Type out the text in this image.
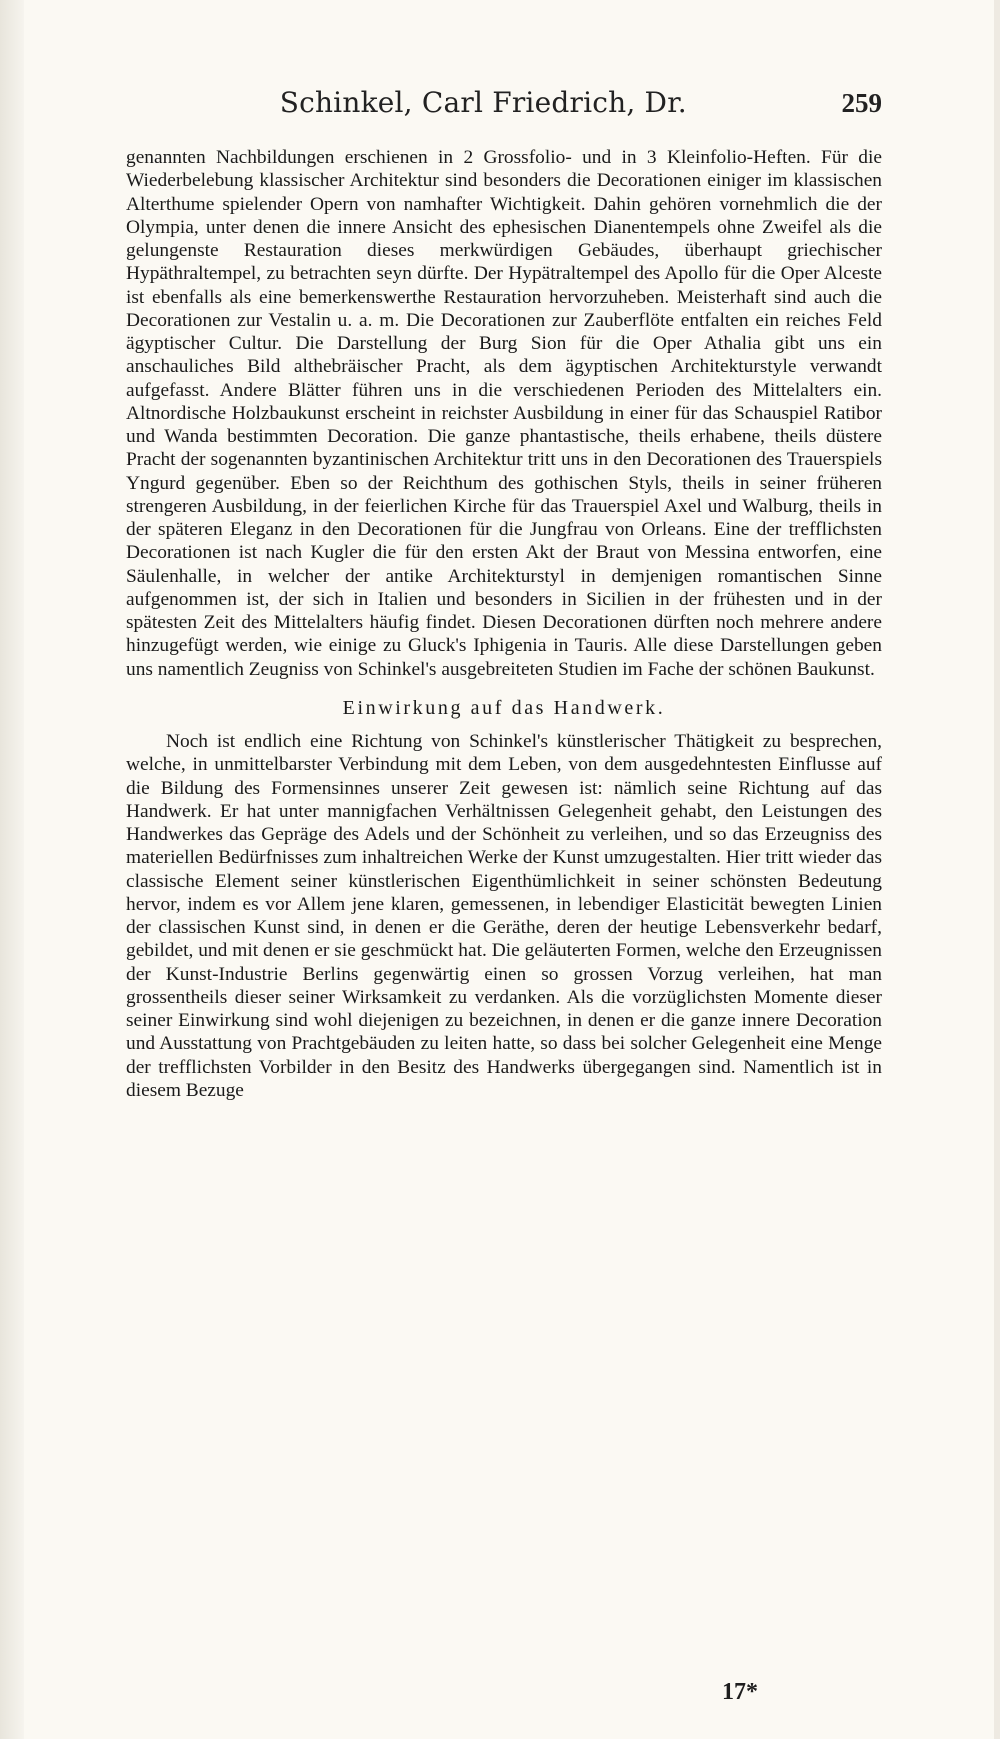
Schinkel, Carl Friedrich, Dr.	259

genannten Nachbildungen erschienen in 2 Grossfolio- und in 3 Kleinfolio-Heften. Für die Wiederbelebung klassischer Architektur sind besonders die Decorationen einiger im klassischen Alterthume spielender Opern von namhafter Wichtigkeit. Dahin gehören vornehmlich die der Olympia, unter denen die innere Ansicht des ephesischen Dianentempels ohne Zweifel als die gelungenste Restauration dieses merkwürdigen Gebäudes, überhaupt griechischer Hypäthraltempel, zu betrachten seyn dürfte. Der Hypätraltempel des Apollo für die Oper Alceste ist ebenfalls als eine bemerkenswerthe Restauration hervorzuheben. Meisterhaft sind auch die Decorationen zur Vestalin u. a. m. Die Decorationen zur Zauberflöte entfalten ein reiches Feld ägyptischer Cultur. Die Darstellung der Burg Sion für die Oper Athalia gibt uns ein anschauliches Bild althebräischer Pracht, als dem ägyptischen Architekturstyle verwandt aufgefasst. Andere Blätter führen uns in die verschiedenen Perioden des Mittelalters ein. Altnordische Holzbaukunst erscheint in reichster Ausbildung in einer für das Schauspiel Ratibor und Wanda bestimmten Decoration. Die ganze phantastische, theils erhabene, theils düstere Pracht der sogenannten byzantinischen Architektur tritt uns in den Decorationen des Trauerspiels Yngurd gegenüber. Eben so der Reichthum des gothischen Styls, theils in seiner früheren strengeren Ausbildung, in der feierlichen Kirche für das Trauerspiel Axel und Walburg, theils in der späteren Eleganz in den Decorationen für die Jungfrau von Orleans. Eine der trefflichsten Decorationen ist nach Kugler die für den ersten Akt der Braut von Messina entworfen, eine Säulenhalle, in welcher der antike Architekturstyl in demjenigen romantischen Sinne aufgenommen ist, der sich in Italien und besonders in Sicilien in der frühesten und in der spätesten Zeit des Mittelalters häufig findet. Diesen Decorationen dürften noch mehrere andere hinzugefügt werden, wie einige zu Gluck's Iphigenia in Tauris. Alle diese Darstellungen geben uns namentlich Zeugniss von Schinkel's ausgebreiteten Studien im Fache der schönen Baukunst.

Einwirkung auf das Handwerk.

Noch ist endlich eine Richtung von Schinkel's künstlerischer Thätigkeit zu besprechen, welche, in unmittelbarster Verbindung mit dem Leben, von dem ausgedehntesten Einflusse auf die Bildung des Formensinnes unserer Zeit gewesen ist: nämlich seine Richtung auf das Handwerk. Er hat unter mannigfachen Verhältnissen Gelegenheit gehabt, den Leistungen des Handwerkes das Gepräge des Adels und der Schönheit zu verleihen, und so das Erzeugniss des materiellen Bedürfnisses zum inhaltreichen Werke der Kunst umzugestalten. Hier tritt wieder das classische Element seiner künstlerischen Eigenthümlichkeit in seiner schönsten Bedeutung hervor, indem es vor Allem jene klaren, gemessenen, in lebendiger Elasticität bewegten Linien der classischen Kunst sind, in denen er die Geräthe, deren der heutige Lebensverkehr bedarf, gebildet, und mit denen er sie geschmückt hat. Die geläuterten Formen, welche den Erzeugnissen der Kunst-Industrie Berlins gegenwärtig einen so grossen Vorzug verleihen, hat man grossentheils dieser seiner Wirksamkeit zu verdanken. Als die vorzüglichsten Momente dieser seiner Einwirkung sind wohl diejenigen zu bezeichnen, in denen er die ganze innere Decoration und Ausstattung von Prachtgebäuden zu leiten hatte, so dass bei solcher Gelegenheit eine Menge der trefflichsten Vorbilder in den Besitz des Handwerks übergegangen sind. Namentlich ist in diesem Bezuge

17*
